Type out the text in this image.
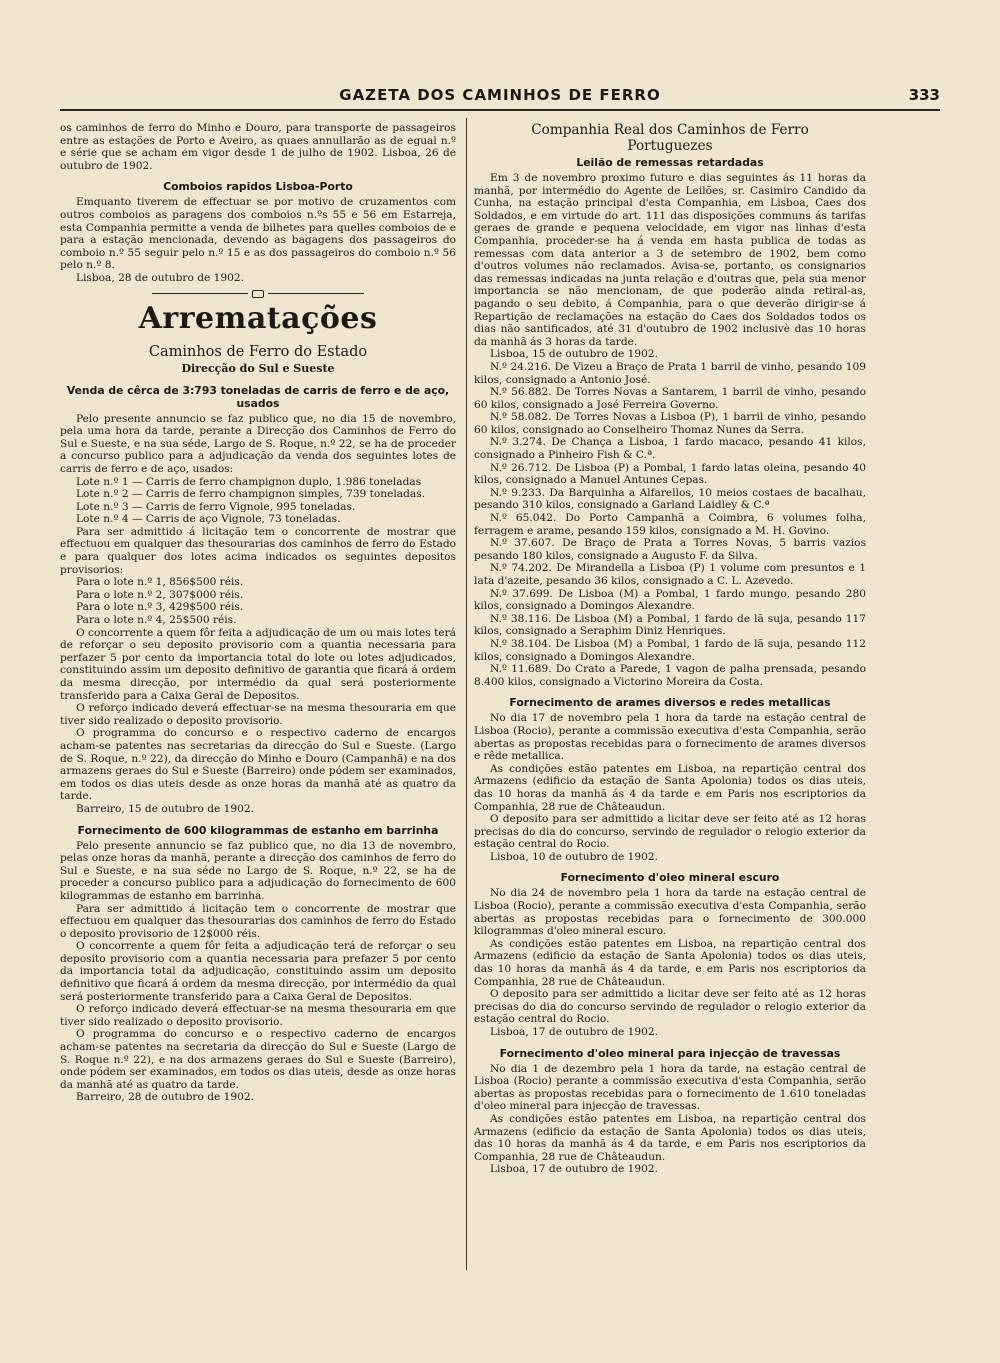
GAZETA DOS CAMINHOS DE FERRO	333

os caminhos de ferro do Minho e Douro, para transporte de passageiros entre as estações de Porto e Aveiro, as quaes annullarão as de egual n.º e série que se acham em vigor desde 1 de julho de 1902. Lisboa, 26 de outubro de 1902.

Comboios rapidos Lisboa-Porto

Emquanto tiverem de effectuar se por motivo de cruzamentos com outros comboios as paragens dos comboios n.ºs 55 e 56 em Estarreja, esta Companhia permitte a venda de bilhetes para quelles comboios de e para a estação mencionada, devendo as bagagens dos passageiros do comboio n.º 55 seguir pelo n.º 15 e as dos passageiros do comboio n.º 56 pelo n.º 8.

Lisboa, 28 de outubro de 1902.

Arrematações
Caminhos de Ferro do Estado
Direcção do Sul e Sueste
Venda de cêrca de 3:793 toneladas de carris de ferro e de aço, usados

Pelo presente annuncio se faz publico que, no dia 15 de novembro, pela uma hora da tarde, perante a Direcção dos Caminhos de Ferro do Sul e Sueste, e na sua séde, Largo de S. Roque, n.º 22, se ha de proceder a concurso publico para a adjudicação da venda dos seguintes lotes de carris de ferro e de aço, usados:

Lote n.º 1 — Carris de ferro champignon duplo, 1.986 toneladas

Lote n.º 2 — Carris de ferro champignon simples, 739 toneladas.

Lote n.º 3 — Carris de ferro Vignole, 995 toneladas.

Lote n.º 4 — Carris de aço Vignole, 73 toneladas.

Para ser admittido á licitação tem o concorrente de mostrar que effectuou em qualquer das thesourarias dos caminhos de ferro do Estado e para qualquer dos lotes acima indicados os seguintes depositos provisorios:

Para o lote n.º 1, 856$500 réis.

Para o lote n.º 2, 307$000 réis.

Para o lote n.º 3, 429$500 réis.

Para o lote n.º 4, 25$500 réis.

O concorrente a quem fôr feita a adjudicação de um ou mais lotes terá de reforçar o seu deposito provisorio com a quantia necessaria para perfazer 5 por cento da importancia total do lote ou lotes adjudicados, constituindo assim um deposito definitivo de garantia que ficará á ordem da mesma direcção, por intermédio da qual será posteriormente transferido para a Caixa Geral de Depositos.

O reforço indicado deverá effectuar-se na mesma thesouraria em que tiver sido realizado o deposito provisorio.

O programma do concurso e o respectivo caderno de encargos acham-se patentes nas secretarias da direcção do Sul e Sueste. (Largo de S. Roque, n.º 22), da direcção do Minho e Douro (Campanhã) e na dos armazens geraes do Sul e Sueste (Barreiro) onde pódem ser examinados, em todos os dias uteis desde as onze horas da manhã até as quatro da tarde.

Barreiro, 15 de outubro de 1902.

Fornecimento de 600 kilogrammas de estanho em barrinha

Pelo presente annuncio se faz publico que, no dia 13 de novembro, pelas onze horas da manhã, perante a direcção dos caminhos de ferro do Sul e Sueste, e na sua séde no Largo de S. Roque, n.º 22, se ha de proceder a concurso publico para a adjudicação do fornecimento de 600 kilogrammas de estanho em barrinha.

Para ser admittido á licitação tem o concorrente de mostrar que effectuou em qualquer das thesourarias dos caminhos de ferro do Estado o deposito provisorio de 12$000 réis.

O concorrente a quem fôr feita a adjudicação terá de reforçar o seu deposito provisorio com a quantia necessaria para prefazer 5 por cento da importancia total da adjudicação, constituindo assim um deposito definitivo que ficará á ordem da mesma direcção, por intermédio da qual será posteriormente transferido para a Caixa Geral de Depositos.

O reforço indicado deverá effectuar-se na mesma thesouraria em que tiver sido realizado o deposito provisorio.

O programma do concurso e o respectivo caderno de encargos acham-se patentes na secretaria da direcção do Sul e Sueste (Largo de S. Roque n.º 22), e na dos armazens geraes do Sul e Sueste (Barreiro), onde pódem ser examinados, em todos os dias uteis, desde as onze horas da manhã até as quatro da tarde.

Barreiro, 28 de outubro de 1902.

Companhia Real dos Caminhos de Ferro
Portuguezes
Leilão de remessas retardadas

Em 3 de novembro proximo futuro e dias seguintes ás 11 horas da manhã, por intermédio do Agente de Leilões, sr. Casimiro Candido da Cunha, na estação principal d'esta Companhia, em Lisboa, Caes dos Soldados, e em virtude do art. 111 das disposições communs ás tarifas geraes de grande e pequena velocidade, em vigor nas linhas d'esta Companhia, proceder-se ha á venda em hasta publica de todas as remessas com data anterior a 3 de setembro de 1902, bem como d'outros volumes não reclamados. Avisa-se, portanto, os consignarios das remessas indicadas na junta relação e d'outras que, pela sua menor importancia se não mencionam, de que poderão ainda retiral-as, pagando o seu debito, á Companhia, para o que deverão dirigir-se á Repartição de reclamações na estação do Caes dos Soldados todos os dias não santificados, até 31 d'outubro de 1902 inclusivè das 10 horas da manhã ás 3 horas da tarde.

Lisboa, 15 de outubro de 1902.

N.º 24.216. De Vizeu a Braço de Prata 1 barril de vinho, pesando 109 kilos, consignado a Antonio José.

N.º 56.882. De Torres Novas a Santarem, 1 barril de vinho, pesando 60 kilos, consignado a José Ferreira Governo.

N.º 58.082. De Torres Novas a Lisboa (P), 1 barril de vinho, pesando 60 kilos, consignado ao Conselheiro Thomaz Nunes da Serra.

N.º 3.274. De Chança a Lisboa, 1 fardo macaco, pesando 41 kilos, consignado a Pinheiro Fish & C.ª.

N.º 26.712. De Lisboa (P) a Pombal, 1 fardo latas oleina, pesando 40 kilos, consignado a Manuel Antunes Cepas.

N.º 9.233. Da Barquinha a Alfarellos, 10 meios costaes de bacalhau, pesando 310 kilos, consignado a Garland Laidley & C.ª

N.º 65.042. Do Porto Campanhã a Coimbra, 6 volumes folha, ferragem e arame, pesando 159 kilos, consignado a M. H. Govino.

N.º 37.607. De Braço de Prata a Torres Novas, 5 barris vazios pesando 180 kilos, consignado a Augusto F. da Silva.

N.º 74.202. De Mirandella a Lisboa (P) 1 volume com presuntos e 1 lata d'azeite, pesando 36 kilos, consignado a C. L. Azevedo.

N.º 37.699. De Lisboa (M) a Pombal, 1 fardo mungo, pesando 280 kilos, consignado a Domingos Alexandre.

N.º 38.116. De Lisboa (M) a Pombal, 1 fardo de lã suja, pesando 117 kilos, consignado a Seraphim Diniz Henriques.

N.º 38.104. De Lisboa (M) a Pombal, 1 fardo de lã suja, pesando 112 kilos, consignado a Domingos Alexandre.

N.º 11.689. Do Crato a Parede, 1 vagon de palha prensada, pesando 8.400 kilos, consignado a Victorino Moreira da Costa.

Fornecimento de arames diversos e redes metallicas

No dia 17 de novembro pela 1 hora da tarde na estação central de Lisboa (Rocio), perante a commissão executiva d'esta Companhia, serão abertas as propostas recebidas para o fornecimento de arames diversos e rêde metallica.

As condições estão patentes em Lisboa, na repartição central dos Armazens (edificio da estação de Santa Apolonia) todos os dias uteis, das 10 horas da manhã ás 4 da tarde e em Paris nos escriptorios da Companhia, 28 rue de Châteaudun.

O deposito para ser admittido a licitar deve ser feito até as 12 horas precisas do dia do concurso, servindo de regulador o relogio exterior da estação central do Rocio.

Lisboa, 10 de outubro de 1902.

Fornecimento d'oleo mineral escuro

No dia 24 de novembro pela 1 hora da tarde na estação central de Lisboa (Rocio), perante a commissão executiva d'esta Companhia, serão abertas as propostas recebidas para o fornecimento de 300.000 kilogrammas d'oleo mineral escuro.

As condições estão patentes em Lisboa, na repartição central dos Armazens (edificio da estação de Santa Apolonia) todos os dias uteis, das 10 horas da manhã ás 4 da tarde, e em Paris nos escriptorios da Companhia, 28 rue de Châteaudun.

O deposito para ser admittido a licitar deve ser feito até as 12 horas precisas do dia do concurso servindo de regulador o relogio exterior da estação central do Rocio.

Lisboa, 17 de outubro de 1902.

Fornecimento d'oleo mineral para injecção de travessas

No dia 1 de dezembro pela 1 hora da tarde, na estação central de Lisboa (Rocio) perante a commissão executiva d'esta Companhia, serão abertas as propostas recebidas para o fornecimento de 1.610 toneladas d'oleo mineral para injecção de travessas.

As condições estão patentes em Lisboa, na repartição central dos Armazens (edificio da estação de Santa Apolonia) todos os dias uteis, das 10 horas da manhã ás 4 da tarde, e em Paris nos escriptorios da Companhia, 28 rue de Châteaudun.

Lisboa, 17 de outubro de 1902.
